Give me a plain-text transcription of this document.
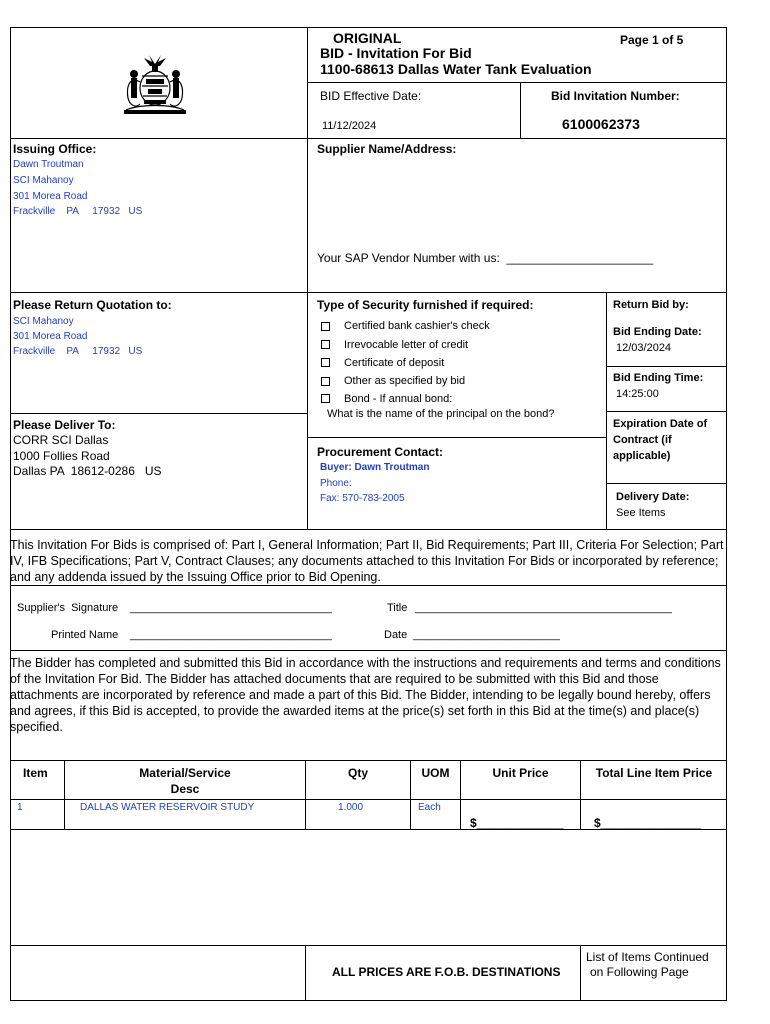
ORIGINAL	Page 1 of 5
BID - Invitation For Bid
1100-68613 Dallas Water Tank Evaluation
BID Effective Date:
11/12/2024
Bid Invitation Number:
6100062373
Issuing Office:
Dawn Troutman
SCI Mahanoy
301 Morea Road
Frackville    PA     17932   US
Supplier Name/Address:
Your SAP Vendor Number with us:  ______________________
Please Return Quotation to:
SCI Mahanoy
301 Morea Road
Frackville    PA     17932   US
Type of Security furnished if required:
Certified bank cashier's check
Irrevocable letter of credit
Certificate of deposit
Other as specified by bid
Bond - If annual bond:
What is the name of the principal on the bond?
Return Bid by:
Bid Ending Date:
12/03/2024
Bid Ending Time:
14:25:00
Expiration Date of
Contract (if
applicable)
Delivery Date:
See Items
Please Deliver To:
CORR SCI Dallas
1000 Follies Road
Dallas PA  18612-0286   US
Procurement Contact:
Buyer: Dawn Troutman
Phone:
Fax: 570-783-2005
This Invitation For Bids is comprised of: Part I, General Information; Part II, Bid Requirements; Part III, Criteria For Selection; Part IV, IFB Specifications; Part V, Contract Clauses; any documents attached to this Invitation For Bids or incorporated by reference; and any addenda issued by the Issuing Office prior to Bid Opening.
Supplier's  Signature _________________________________	Title __________________________________________
Printed Name _________________________________	Date ________________________
The Bidder has completed and submitted this Bid in accordance with the instructions and requirements and terms and conditions of the Invitation For Bid. The Bidder has attached documents that are required to be submitted with this Bid and those attachments are incorporated by reference and made a part of this Bid. The Bidder, intending to be legally bound hereby, offers and agrees, if this Bid is accepted, to provide the awarded items at the price(s) set forth in this Bid at the time(s) and place(s) specified.
Item	Material/Service
Desc
Qty	UOM	Unit Price	Total Line Item Price
1	DALLAS WATER RESERVOIR STUDY	1.000	Each
$_____________	$_______________
ALL PRICES ARE F.O.B. DESTINATIONS
List of Items Continued
on Following Page
